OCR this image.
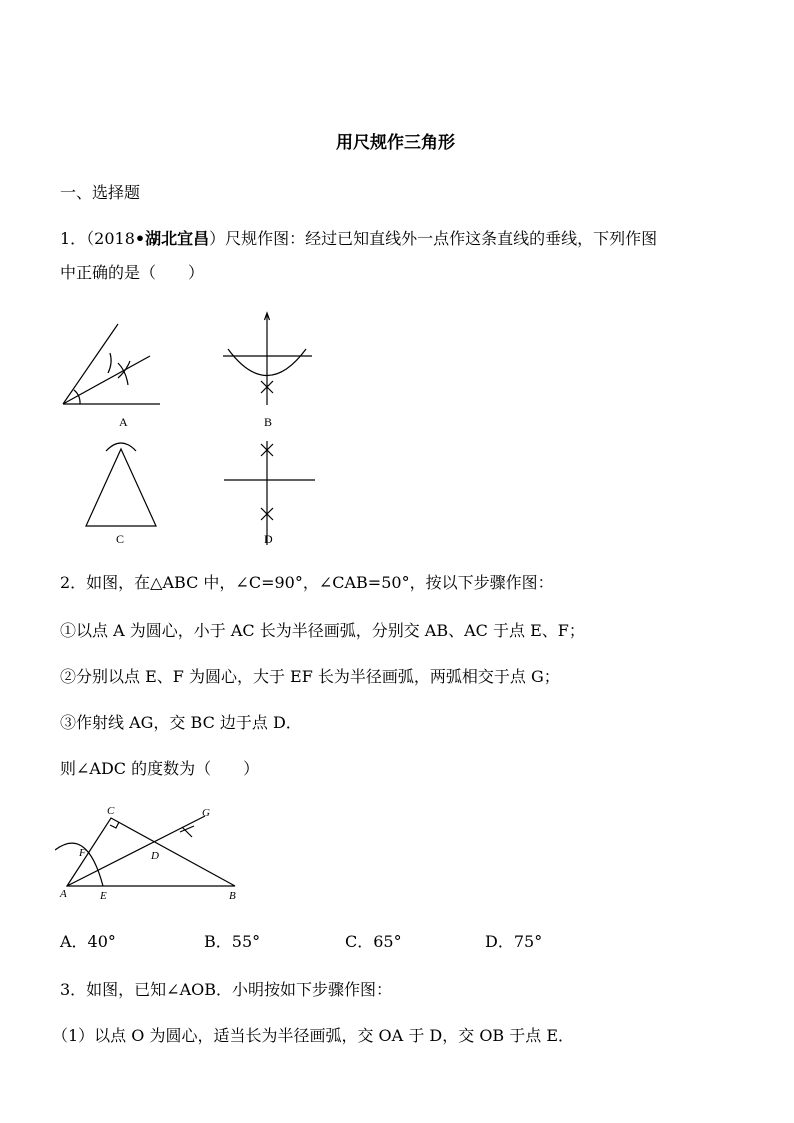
用尺规作三角形
一、选择题
1．（2018•湖北宜昌）尺规作图：经过已知直线外一点作这条直线的垂线，下列作图
中正确的是（　　）
A	B
C	D
2．如图，在△ABC 中，∠C=90°，∠CAB=50°，按以下步骤作图：
①以点 A 为圆心，小于 AC 长为半径画弧，分别交 AB、AC 于点 E、F；
②分别以点 E、F 为圆心，大于 EF 长为半径画弧，两弧相交于点 G；
③作射线 AG，交 BC 边于点 D．
则∠ADC 的度数为（　　）
C	G
F	D
A	E	B
A．40°	B．55°	C．65°	D．75°
3．如图，已知∠AOB．小明按如下步骤作图：
（1）以点 O 为圆心，适当长为半径画弧，交 OA 于 D，交 OB 于点 E．
